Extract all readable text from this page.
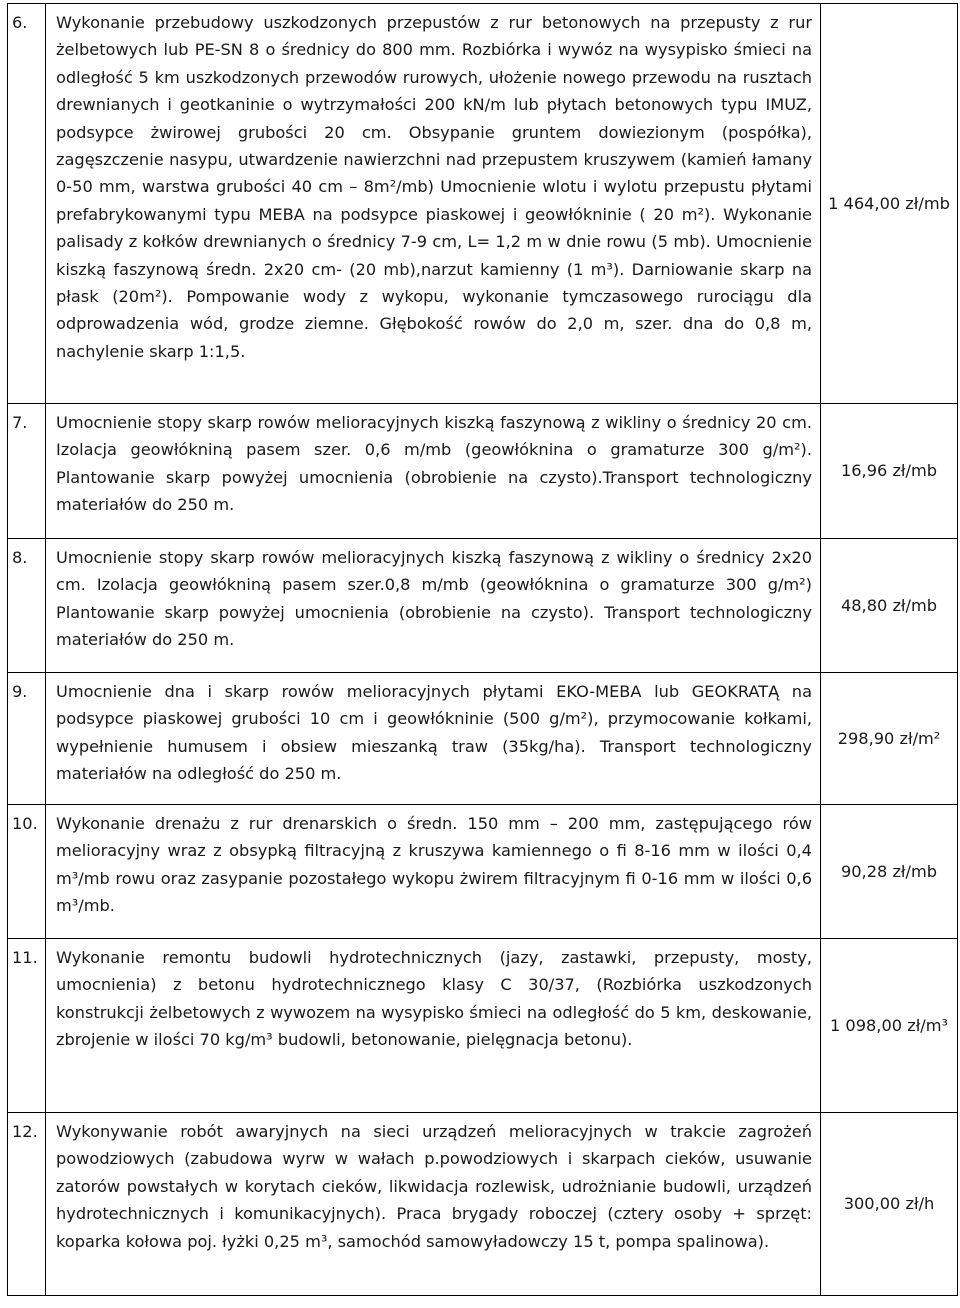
6.	Wykonanie przebudowy uszkodzonych przepustów z rur betonowych na przepusty z rur żelbetowych lub PE-SN 8 o średnicy do 800 mm. Rozbiórka i wywóz na wysypisko śmieci na odległość 5 km uszkodzonych przewodów rurowych, ułożenie nowego przewodu na rusztach drewnianych i geotkaninie o wytrzymałości 200 kN/m lub płytach betonowych typu IMUZ, podsypce żwirowej grubości 20 cm. Obsypanie gruntem dowiezionym (pospółka), zagęszczenie nasypu, utwardzenie nawierzchni nad przepustem kruszywem (kamień łamany 0-50 mm, warstwa grubości 40 cm – 8m²/mb) Umocnienie wlotu i wylotu przepustu płytami prefabrykowanymi typu MEBA na podsypce piaskowej i geowłókninie ( 20 m²). Wykonanie palisady z kołków drewnianych o średnicy 7-9 cm, L= 1,2 m w dnie rowu (5 mb). Umocnienie kiszką faszynową średn. 2x20 cm- (20 mb),narzut kamienny (1 m³). Darniowanie skarp na płask (20m²). Pompowanie wody z wykopu, wykonanie tymczasowego rurociągu dla odprowadzenia wód, grodze ziemne. Głębokość rowów do 2,0 m, szer. dna do 0,8 m, nachylenie skarp 1:1,5.	1 464,00 zł/mb
7.	Umocnienie stopy skarp rowów melioracyjnych kiszką faszynową z wikliny o średnicy 20 cm. Izolacja geowłókniną pasem szer. 0,6 m/mb (geowłóknina o gramaturze 300 g/m²). Plantowanie skarp powyżej umocnienia (obrobienie na czysto).Transport technologiczny materiałów do 250 m.	16,96 zł/mb
8.	Umocnienie stopy skarp rowów melioracyjnych kiszką faszynową z wikliny o średnicy 2x20 cm. Izolacja geowłókniną pasem szer.0,8 m/mb (geowłóknina o gramaturze 300 g/m²) Plantowanie skarp powyżej umocnienia (obrobienie na czysto). Transport technologiczny materiałów do 250 m.	48,80 zł/mb
9.	Umocnienie dna i skarp rowów melioracyjnych płytami EKO-MEBA lub GEOKRATĄ na podsypce piaskowej grubości 10 cm i geowłókninie (500 g/m²), przymocowanie kołkami, wypełnienie humusem i obsiew mieszanką traw (35kg/ha). Transport technologiczny materiałów na odległość do 250 m.	298,90 zł/m²
10.	Wykonanie drenażu z rur drenarskich o średn. 150 mm – 200 mm, zastępującego rów melioracyjny wraz z obsypką filtracyjną z kruszywa kamiennego o fi 8-16 mm w ilości 0,4 m³/mb rowu oraz zasypanie pozostałego wykopu żwirem filtracyjnym fi 0-16 mm w ilości 0,6 m³/mb.	90,28 zł/mb
11.	Wykonanie remontu budowli hydrotechnicznych (jazy, zastawki, przepusty, mosty, umocnienia) z betonu hydrotechnicznego klasy C 30/37, (Rozbiórka uszkodzonych konstrukcji żelbetowych z wywozem na wysypisko śmieci na odległość do 5 km, deskowanie, zbrojenie w ilości 70 kg/m³ budowli, betonowanie, pielęgnacja betonu).	1 098,00 zł/m³
12.	Wykonywanie robót awaryjnych na sieci urządzeń melioracyjnych w trakcie zagrożeń powodziowych (zabudowa wyrw w wałach p.powodziowych i skarpach cieków, usuwanie zatorów powstałych w korytach cieków, likwidacja rozlewisk, udrożnianie budowli, urządzeń hydrotechnicznych i komunikacyjnych). Praca brygady roboczej (cztery osoby + sprzęt: koparka kołowa poj. łyżki 0,25 m³, samochód samowyładowczy 15 t, pompa spalinowa).	300,00 zł/h
